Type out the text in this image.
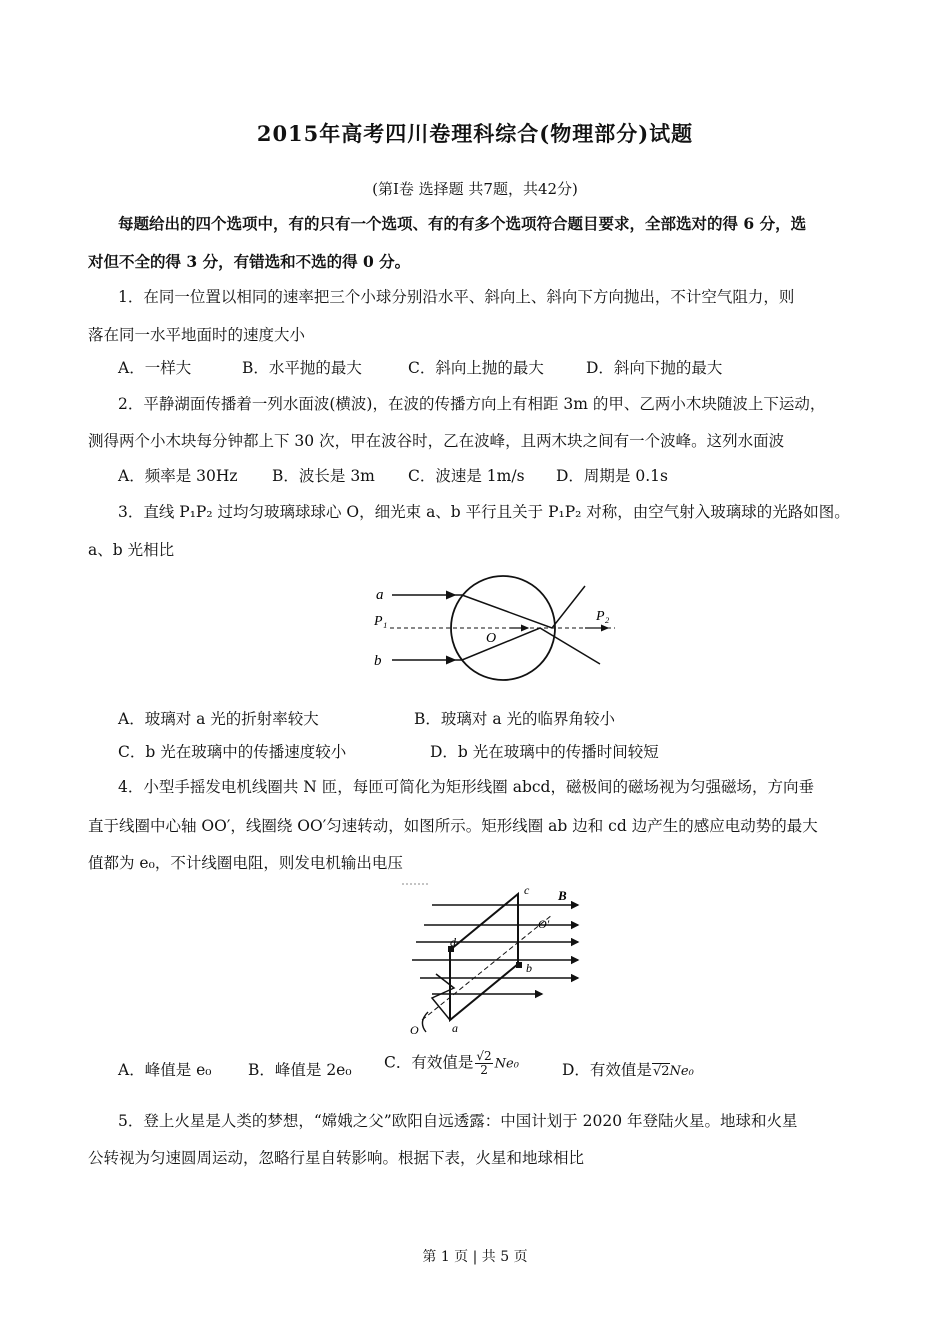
2015年高考四川卷理科综合(物理部分)试题
(第Ⅰ卷 选择题 共7题，共42分)
每题给出的四个选项中，有的只有一个选项、有的有多个选项符合题目要求，全部选对的得 6 分，选
对但不全的得 3 分，有错选和不选的得 0 分。
1．在同一位置以相同的速率把三个小球分别沿水平、斜向上、斜向下方向抛出，不计空气阻力，则
落在同一水平地面时的速度大小
A．一样大	B．水平抛的最大	C．斜向上抛的最大	D．斜向下抛的最大
2．平静湖面传播着一列水面波(横波)，在波的传播方向上有相距 3m 的甲、乙两小木块随波上下运动，
测得两个小木块每分钟都上下 30 次，甲在波谷时，乙在波峰，且两木块之间有一个波峰。这列水面波
A．频率是 30Hz B．波长是 3m C．波速是 1m/s D．周期是 0.1s
3．直线 P₁P₂ 过均匀玻璃球球心 O，细光束 a、b 平行且关于 P₁P₂ 对称，由空气射入玻璃球的光路如图。
a、b 光相比
a
b
P₁	P₂
O
A．玻璃对 a 光的折射率较大	B．玻璃对 a 光的临界角较小
C．b 光在玻璃中的传播速度较小	D．b 光在玻璃中的传播时间较短
4．小型手摇发电机线圈共 N 匝，每匝可简化为矩形线圈 abcd，磁极间的磁场视为匀强磁场，方向垂
直于线圈中心轴 OO′，线圈绕 OO′匀速转动，如图所示。矩形线圈 ab 边和 cd 边产生的感应电动势的最大
值都为 e₀，不计线圈电阻，则发电机输出电压
c
d
b
a
O
O′
B
A．峰值是 e₀ B．峰值是 2e₀ C．有效值是 $\frac{√2}{2} Ne_0$	D．有效值是√2Ne₀
5．登上火星是人类的梦想，“嫦娥之父”欧阳自远透露：中国计划于 2020 年登陆火星。地球和火星
公转视为匀速圆周运动，忽略行星自转影响。根据下表，火星和地球相比
第 1 页 | 共 5 页
